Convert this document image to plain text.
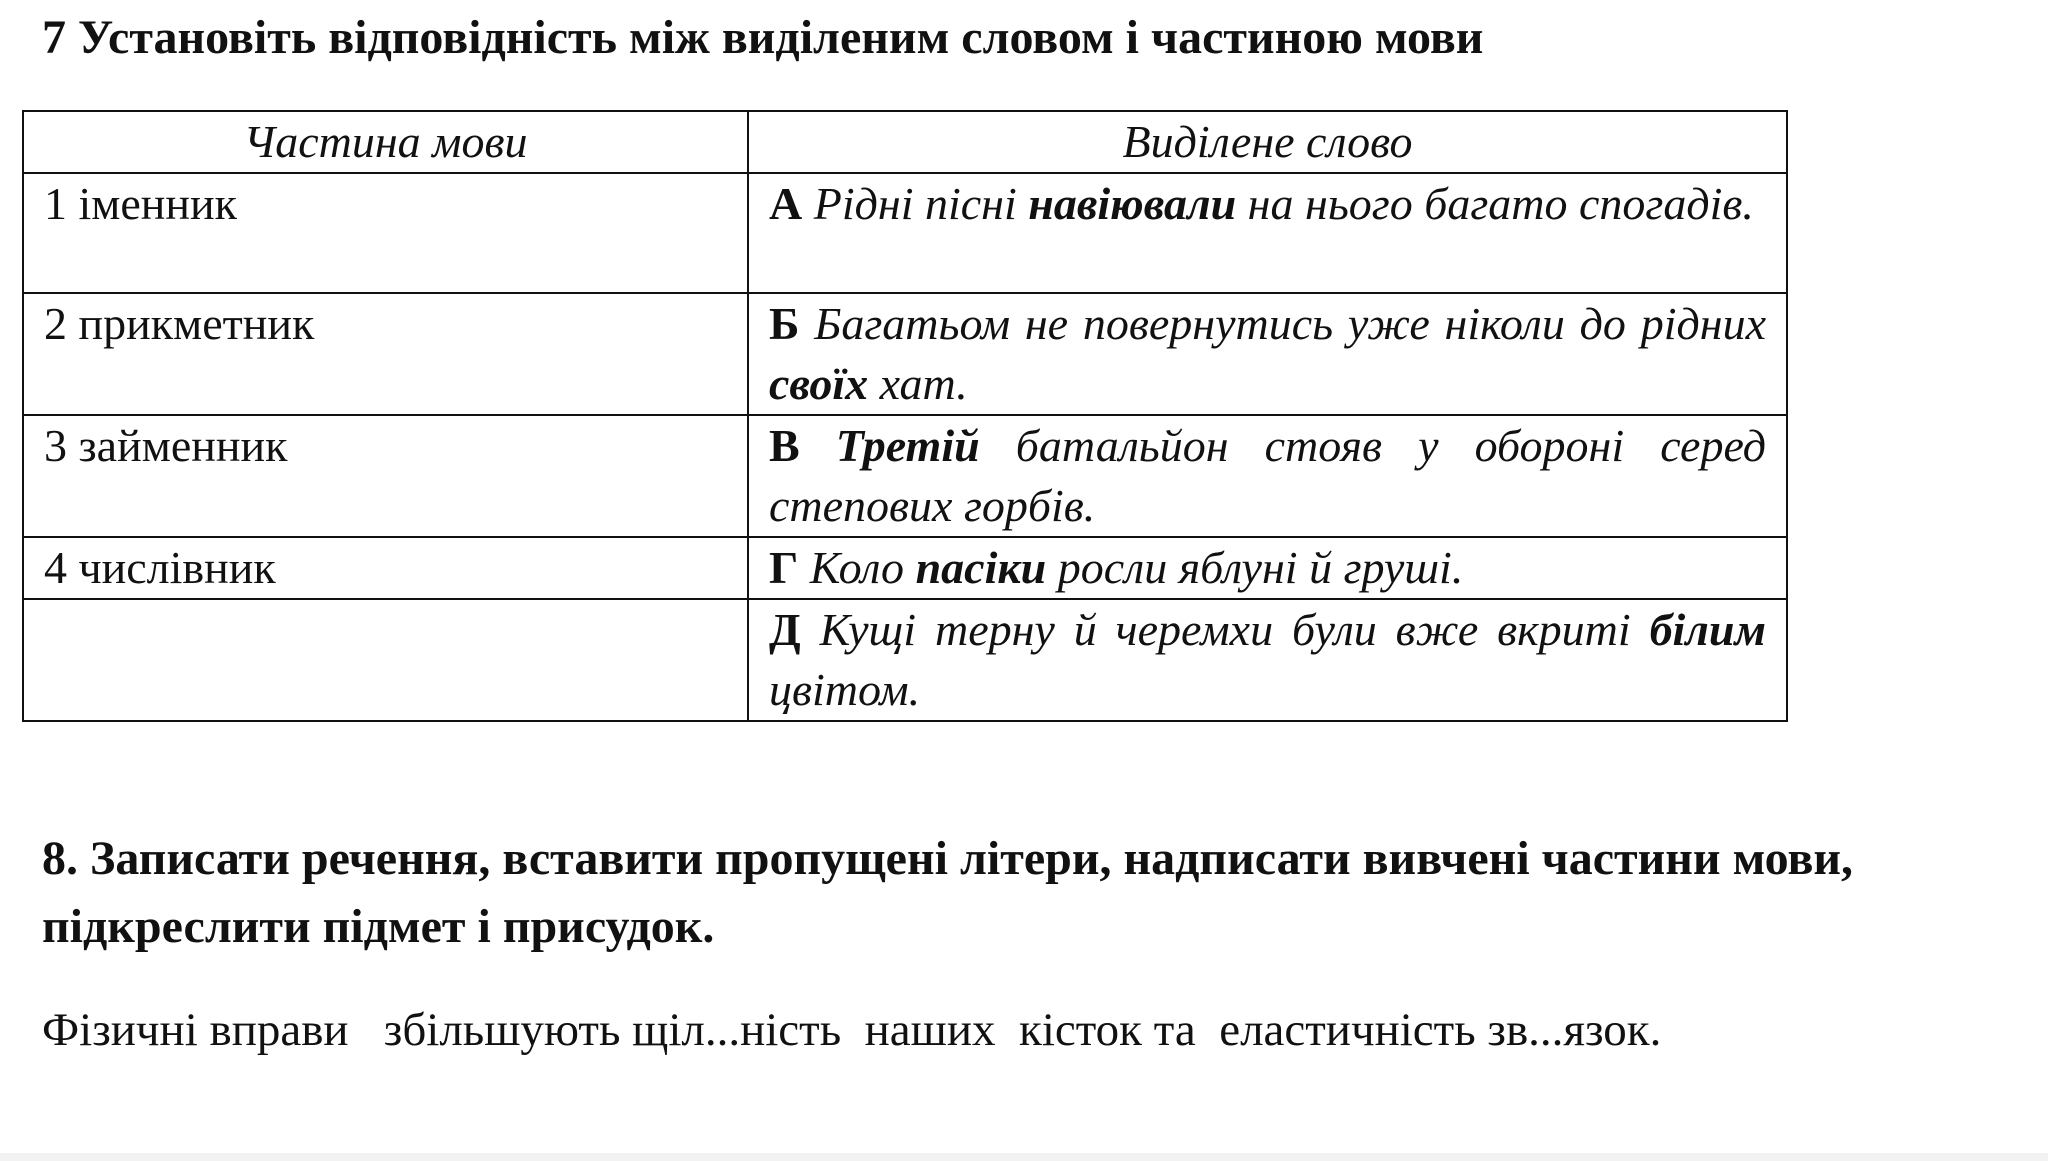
7 Установіть відповідність між виділеним словом і частиною мови
Частина мови	Виділене слово
1 іменник	А Рідні пісні навіювали на нього багато спогадів.
2 прикметник	Б Багатьом не повернутись уже ніколи до рідних своїх хат.
3 займенник	В Третій батальйон стояв у обороні серед степових горбів.
4 числівник	Г Коло пасіки росли яблуні й груші.
	Д Кущі терну й черемхи були вже вкриті білим цвітом.
8. Записати речення, вставити пропущені літери, надписати вивчені частини мови, підкреслити підмет і присудок.

Фізичні вправи   збільшують щіл...ність  наших  кісток та  еластичність зв...язок.
